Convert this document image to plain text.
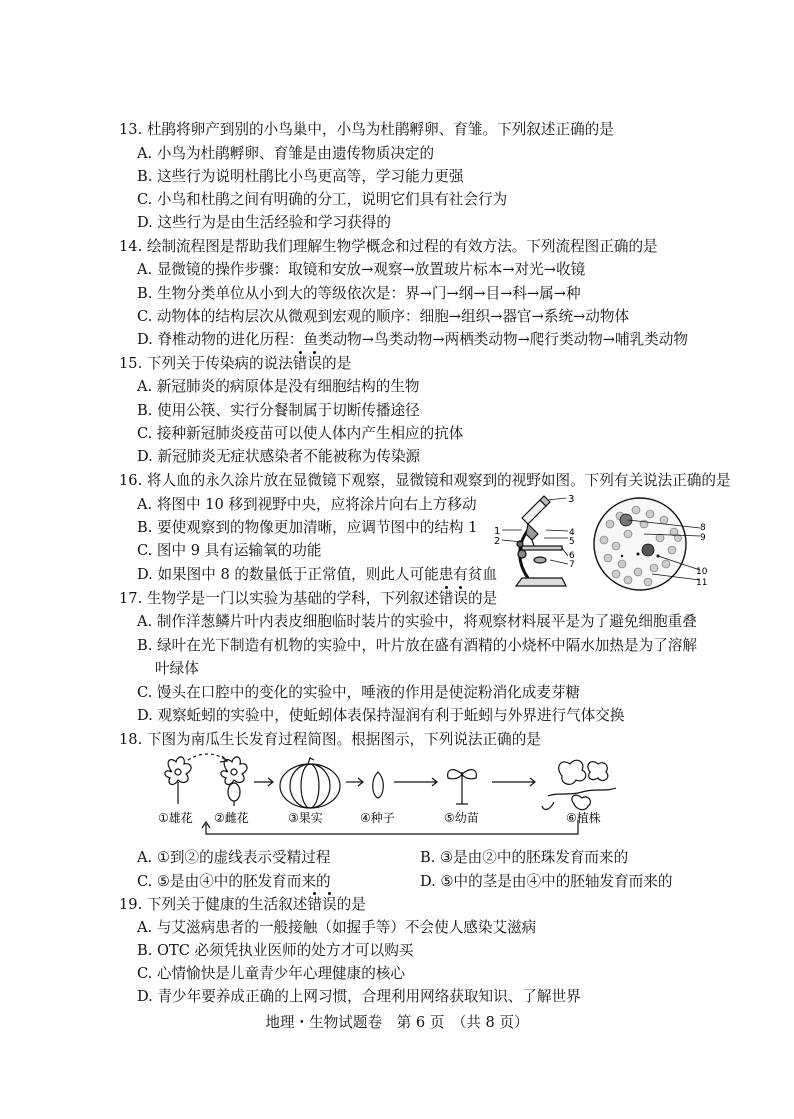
13. 杜鹃将卵产到别的小鸟巢中，小鸟为杜鹃孵卵、育雏。下列叙述正确的是
A. 小鸟为杜鹃孵卵、育雏是由遗传物质决定的
B. 这些行为说明杜鹃比小鸟更高等，学习能力更强
C. 小鸟和杜鹃之间有明确的分工，说明它们具有社会行为
D. 这些行为是由生活经验和学习获得的
14. 绘制流程图是帮助我们理解生物学概念和过程的有效方法。下列流程图正确的是
A. 显微镜的操作步骤：取镜和安放→观察→放置玻片标本→对光→收镜
B. 生物分类单位从小到大的等级依次是：界→门→纲→目→科→属→种
C. 动物体的结构层次从微观到宏观的顺序：细胞→组织→器官→系统→动物体
D. 脊椎动物的进化历程：鱼类动物→鸟类动物→两栖类动物→爬行类动物→哺乳类动物
15. 下列关于传染病的说法错误的是
A. 新冠肺炎的病原体是没有细胞结构的生物
B. 使用公筷、实行分餐制属于切断传播途径
C. 接种新冠肺炎疫苗可以使人体内产生相应的抗体
D. 新冠肺炎无症状感染者不能被称为传染源
16. 将人血的永久涂片放在显微镜下观察，显微镜和观察到的视野如图。下列有关说法正确的是
A. 将图中 10 移到视野中央，应将涂片向右上方移动
B. 要使观察到的物像更加清晰，应调节图中的结构 1
C. 图中 9 具有运输氧的功能
D. 如果图中 8 的数量低于正常值，则此人可能患有贫血
1
2
3
4
5
6
7
8
9
10
11
17. 生物学是一门以实验为基础的学科，下列叙述错误的是
A. 制作洋葱鳞片叶内表皮细胞临时装片的实验中，将观察材料展平是为了避免细胞重叠
B. 绿叶在光下制造有机物的实验中，叶片放在盛有酒精的小烧杯中隔水加热是为了溶解
叶绿体
C. 馒头在口腔中的变化的实验中，唾液的作用是使淀粉消化成麦芽糖
D. 观察蚯蚓的实验中，使蚯蚓体表保持湿润有利于蚯蚓与外界进行气体交换
18. 下图为南瓜生长发育过程简图。根据图示，下列说法正确的是
①雄花 ②雌花	③果实	④种子	⑤幼苗	⑥植株
A. ①到②的虚线表示受精过程	B. ③是由②中的胚珠发育而来的
C. ⑤是由④中的胚发育而来的	D. ⑤中的茎是由④中的胚轴发育而来的
19. 下列关于健康的生活叙述错误的是
A. 与艾滋病患者的一般接触（如握手等）不会使人感染艾滋病
B. OTC 必须凭执业医师的处方才可以购买
C. 心情愉快是儿童青少年心理健康的核心
D. 青少年要养成正确的上网习惯，合理利用网络获取知识、了解世界
地理・生物试题卷　第 6 页　（共 8 页）
